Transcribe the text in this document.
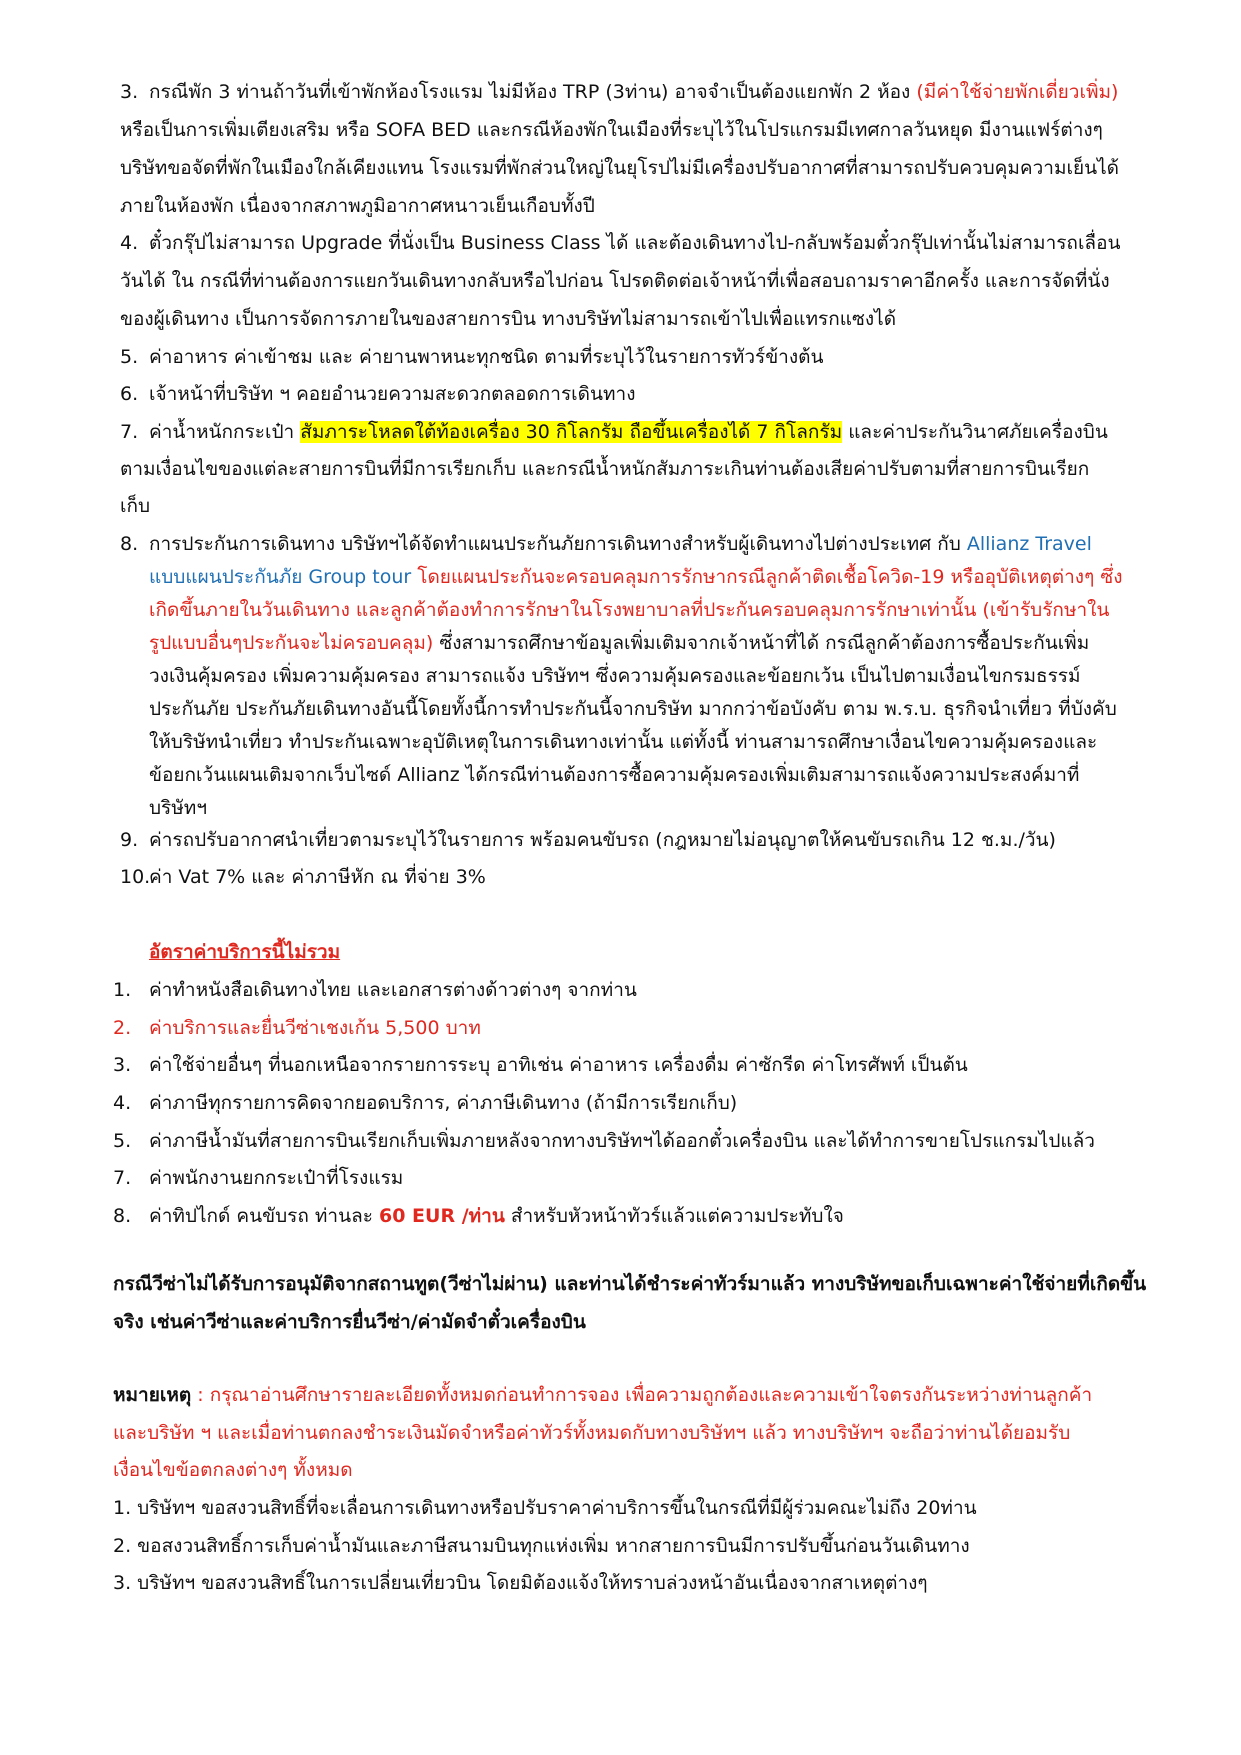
3. กรณีพัก 3 ท่านถ้าวันที่เข้าพักห้องโรงแรม ไม่มีห้อง TRP (3ท่าน) อาจจำเป็นต้องแยกพัก 2 ห้อง (มีค่าใช้จ่ายพักเดี่ยวเพิ่ม)
หรือเป็นการเพิ่มเตียงเสริม หรือ SOFA BED และกรณีห้องพักในเมืองที่ระบุไว้ในโปรแกรมมีเทศกาลวันหยุด มีงานแฟร์ต่างๆ
บริษัทขอจัดที่พักในเมืองใกล้เคียงแทน โรงแรมที่พักส่วนใหญ่ในยุโรปไม่มีเครื่องปรับอากาศที่สามารถปรับควบคุมความเย็นได้
ภายในห้องพัก เนื่องจากสภาพภูมิอากาศหนาวเย็นเกือบทั้งปี
4. ตั๋วกรุ๊ปไม่สามารถ Upgrade ที่นั่งเป็น Business Class ได้ และต้องเดินทางไป-กลับพร้อมตั๋วกรุ๊ปเท่านั้นไม่สามารถเลื่อน
วันได้ ใน กรณีที่ท่านต้องการแยกวันเดินทางกลับหรือไปก่อน โปรดติดต่อเจ้าหน้าที่เพื่อสอบถามราคาอีกครั้ง และการจัดที่นั่ง
ของผู้เดินทาง เป็นการจัดการภายในของสายการบิน ทางบริษัทไม่สามารถเข้าไปเพื่อแทรกแซงได้
5. ค่าอาหาร ค่าเข้าชม และ ค่ายานพาหนะทุกชนิด ตามที่ระบุไว้ในรายการทัวร์ข้างต้น
6. เจ้าหน้าที่บริษัท ฯ คอยอำนวยความสะดวกตลอดการเดินทาง
7. ค่าน้ำหนักกระเป๋า สัมภาระโหลดใต้ท้องเครื่อง 30 กิโลกรัม ถือขึ้นเครื่องได้ 7 กิโลกรัม และค่าประกันวินาศภัยเครื่องบิน
ตามเงื่อนไขของแต่ละสายการบินที่มีการเรียกเก็บ และกรณีน้ำหนักสัมภาระเกินท่านต้องเสียค่าปรับตามที่สายการบินเรียก
เก็บ
8. การประกันการเดินทาง บริษัทฯได้จัดทำแผนประกันภัยการเดินทางสำหรับผู้เดินทางไปต่างประเทศ กับ Allianz Travel
แบบแผนประกันภัย Group tour โดยแผนประกันจะครอบคลุมการรักษากรณีลูกค้าติดเชื้อโควิด-19 หรืออุบัติเหตุต่างๆ ซึ่ง
เกิดขึ้นภายในวันเดินทาง และลูกค้าต้องทำการรักษาในโรงพยาบาลที่ประกันครอบคลุมการรักษาเท่านั้น (เข้ารับรักษาใน
รูปแบบอื่นๆประกันจะไม่ครอบคลุม) ซึ่งสามารถศึกษาข้อมูลเพิ่มเติมจากเจ้าหน้าที่ได้ กรณีลูกค้าต้องการซื้อประกันเพิ่ม
วงเงินคุ้มครอง เพิ่มความคุ้มครอง สามารถแจ้ง บริษัทฯ ซึ่งความคุ้มครองและข้อยกเว้น เป็นไปตามเงื่อนไขกรมธรรม์
ประกันภัย ประกันภัยเดินทางอันนี้โดยทั้งนี้การทำประกันนี้จากบริษัท มากกว่าข้อบังคับ ตาม พ.ร.บ. ธุรกิจนำเที่ยว ที่บังคับ
ให้บริษัทนำเที่ยว ทำประกันเฉพาะอุบัติเหตุในการเดินทางเท่านั้น แต่ทั้งนี้ ท่านสามารถศึกษาเงื่อนไขความคุ้มครองและ
ข้อยกเว้นแผนเติมจากเว็บไซด์ Allianz ได้กรณีท่านต้องการซื้อความคุ้มครองเพิ่มเติมสามารถแจ้งความประสงค์มาที่
บริษัทฯ
9. ค่ารถปรับอากาศนำเที่ยวตามระบุไว้ในรายการ พร้อมคนขับรถ (กฎหมายไม่อนุญาตให้คนขับรถเกิน 12 ช.ม./วัน)
10.
ค่า Vat 7% และ ค่าภาษีหัก ณ ที่จ่าย 3%
อัตราค่าบริการนี้ไม่รวม
1. ค่าทำหนังสือเดินทางไทย และเอกสารต่างด้าวต่างๆ จากท่าน
2. ค่าบริการและยื่นวีซ่าเชงเก้น 5,500 บาท
3. ค่าใช้จ่ายอื่นๆ ที่นอกเหนือจากรายการระบุ อาทิเช่น ค่าอาหาร เครื่องดื่ม ค่าซักรีด ค่าโทรศัพท์ เป็นต้น
4. ค่าภาษีทุกรายการคิดจากยอดบริการ, ค่าภาษีเดินทาง (ถ้ามีการเรียกเก็บ)
5. ค่าภาษีน้ำมันที่สายการบินเรียกเก็บเพิ่มภายหลังจากทางบริษัทฯได้ออกตั๋วเครื่องบิน และได้ทำการขายโปรแกรมไปแล้ว
7. ค่าพนักงานยกกระเป๋าที่โรงแรม
8. ค่าทิปไกด์ คนขับรถ ท่านละ 60 EUR /ท่าน สำหรับหัวหน้าทัวร์แล้วแต่ความประทับใจ
กรณีวีซ่าไม่ได้รับการอนุมัติจากสถานทูต(วีซ่าไม่ผ่าน) และท่านได้ชำระค่าทัวร์มาแล้ว ทางบริษัทขอเก็บเฉพาะค่าใช้จ่ายที่เกิดขึ้น
จริง เช่นค่าวีซ่าและค่าบริการยื่นวีซ่า/ค่ามัดจำตั๋วเครื่องบิน
หมายเหตุ : กรุณาอ่านศึกษารายละเอียดทั้งหมดก่อนทำการจอง เพื่อความถูกต้องและความเข้าใจตรงกันระหว่างท่านลูกค้า
และบริษัท ฯ และเมื่อท่านตกลงชำระเงินมัดจำหรือค่าทัวร์ทั้งหมดกับทางบริษัทฯ แล้ว ทางบริษัทฯ จะถือว่าท่านได้ยอมรับ
เงื่อนไขข้อตกลงต่างๆ ทั้งหมด
1. บริษัทฯ ขอสงวนสิทธิ์ที่จะเลื่อนการเดินทางหรือปรับราคาค่าบริการขึ้นในกรณีที่มีผู้ร่วมคณะไม่ถึง 20ท่าน
2. ขอสงวนสิทธิ์การเก็บค่าน้ำมันและภาษีสนามบินทุกแห่งเพิ่ม หากสายการบินมีการปรับขึ้นก่อนวันเดินทาง
3. บริษัทฯ ขอสงวนสิทธิ์ในการเปลี่ยนเที่ยวบิน โดยมิต้องแจ้งให้ทราบล่วงหน้าอันเนื่องจากสาเหตุต่างๆ
